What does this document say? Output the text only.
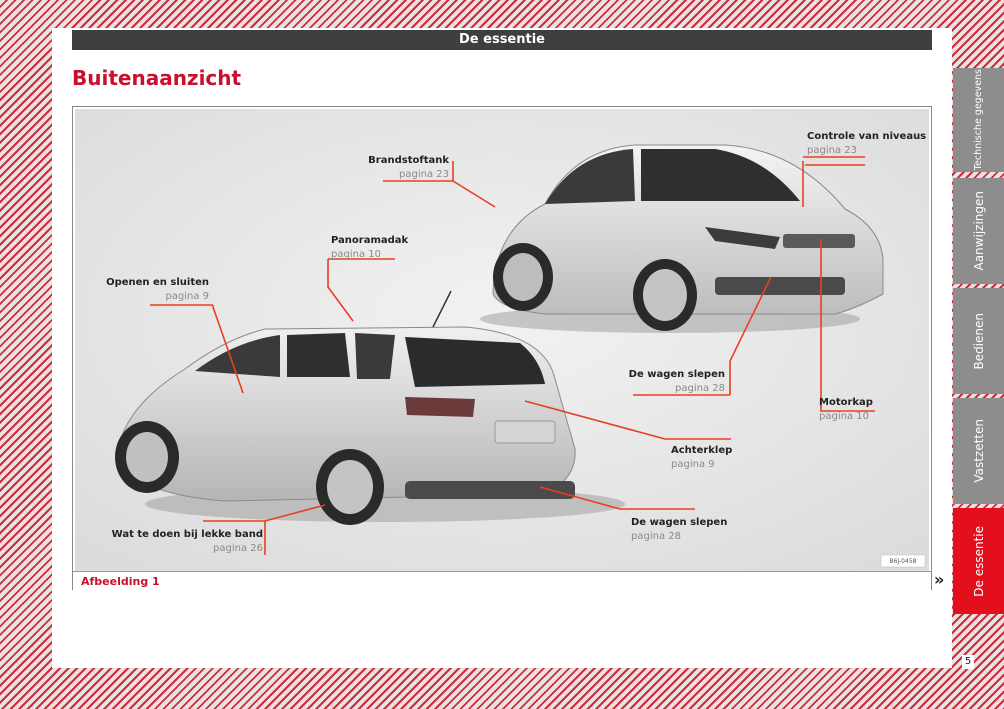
De essentie
Buitenaanzicht
Brandstoftank
pagina 23
Controle van niveaus
pagina 23
Panoramadak
pagina 10
Openen en sluiten
pagina 9
De wagen slepen
pagina 28
Motorkap
pagina 10
Achterklep
pagina 9
De wagen slepen
pagina 28
Wat te doen bij lekke band
pagina 26
B6J-0458
Afbeelding 1	»
5
Technische gegevens
Aanwijzingen
Bedienen
Vastzetten
De essentie
